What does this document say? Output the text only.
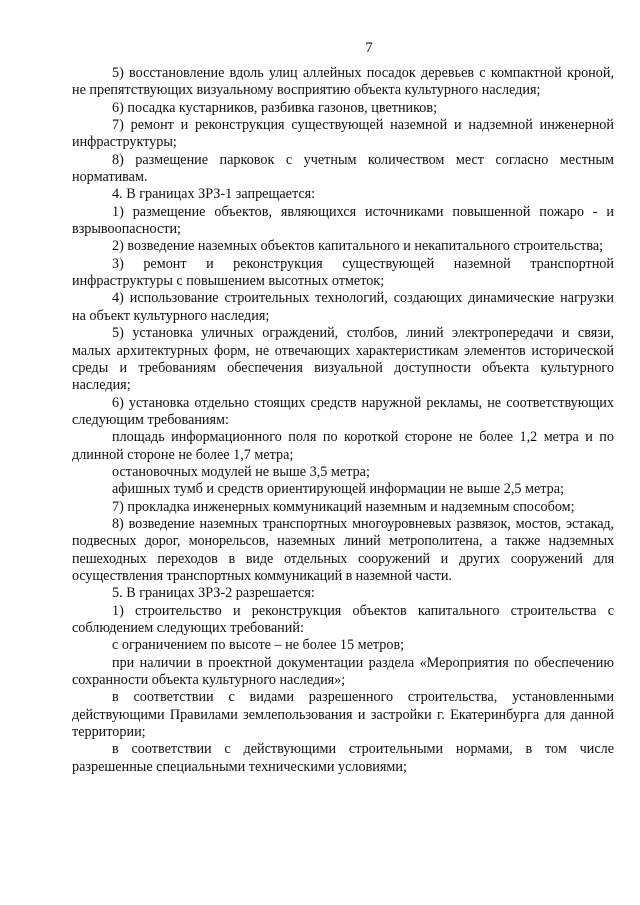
7

5) восстановление вдоль улиц аллейных посадок деревьев с компактной кроной, не препятствующих визуальному восприятию объекта культурного наследия;

6) посадка кустарников, разбивка газонов, цветников;

7) ремонт и реконструкция существующей наземной и надземной инженерной инфраструктуры;

8) размещение парковок с учетным количеством мест согласно местным нормативам.

4. В границах ЗРЗ-1 запрещается:

1) размещение объектов, являющихся источниками повышенной пожаро - и взрывоопасности;

2) возведение наземных объектов капитального и некапитального строительства;

3) ремонт и реконструкция существующей наземной транспортной инфраструктуры с повышением высотных отметок;

4) использование строительных технологий, создающих динамические нагрузки на объект культурного наследия;

5) установка уличных ограждений, столбов, линий электропередачи и связи, малых архитектурных форм, не отвечающих характеристикам элементов исторической среды и требованиям обеспечения визуальной доступности объекта культурного наследия;

6) установка отдельно стоящих средств наружной рекламы, не соответствующих следующим требованиям:

площадь информационного поля по короткой стороне не более 1,2 метра и по длинной стороне не более 1,7 метра;

остановочных модулей не выше 3,5 метра;

афишных тумб и средств ориентирующей информации не выше 2,5 метра;

7) прокладка инженерных коммуникаций наземным и надземным способом;

8) возведение наземных транспортных многоуровневых развязок, мостов, эстакад, подвесных дорог, монорельсов, наземных линий метрополитена, а также надземных пешеходных переходов в виде отдельных сооружений и других сооружений для осуществления транспортных коммуникаций в наземной части.

5. В границах ЗРЗ-2 разрешается:

1) строительство и реконструкция объектов капитального строительства с соблюдением следующих требований:

с ограничением по высоте – не более 15 метров;

при наличии в проектной документации раздела «Мероприятия по обеспечению сохранности объекта культурного наследия»;

в соответствии с видами разрешенного строительства, установленными действующими Правилами землепользования и застройки г. Екатеринбурга для данной территории;

в соответствии с действующими строительными нормами, в том числе разрешенные специальными техническими условиями;
